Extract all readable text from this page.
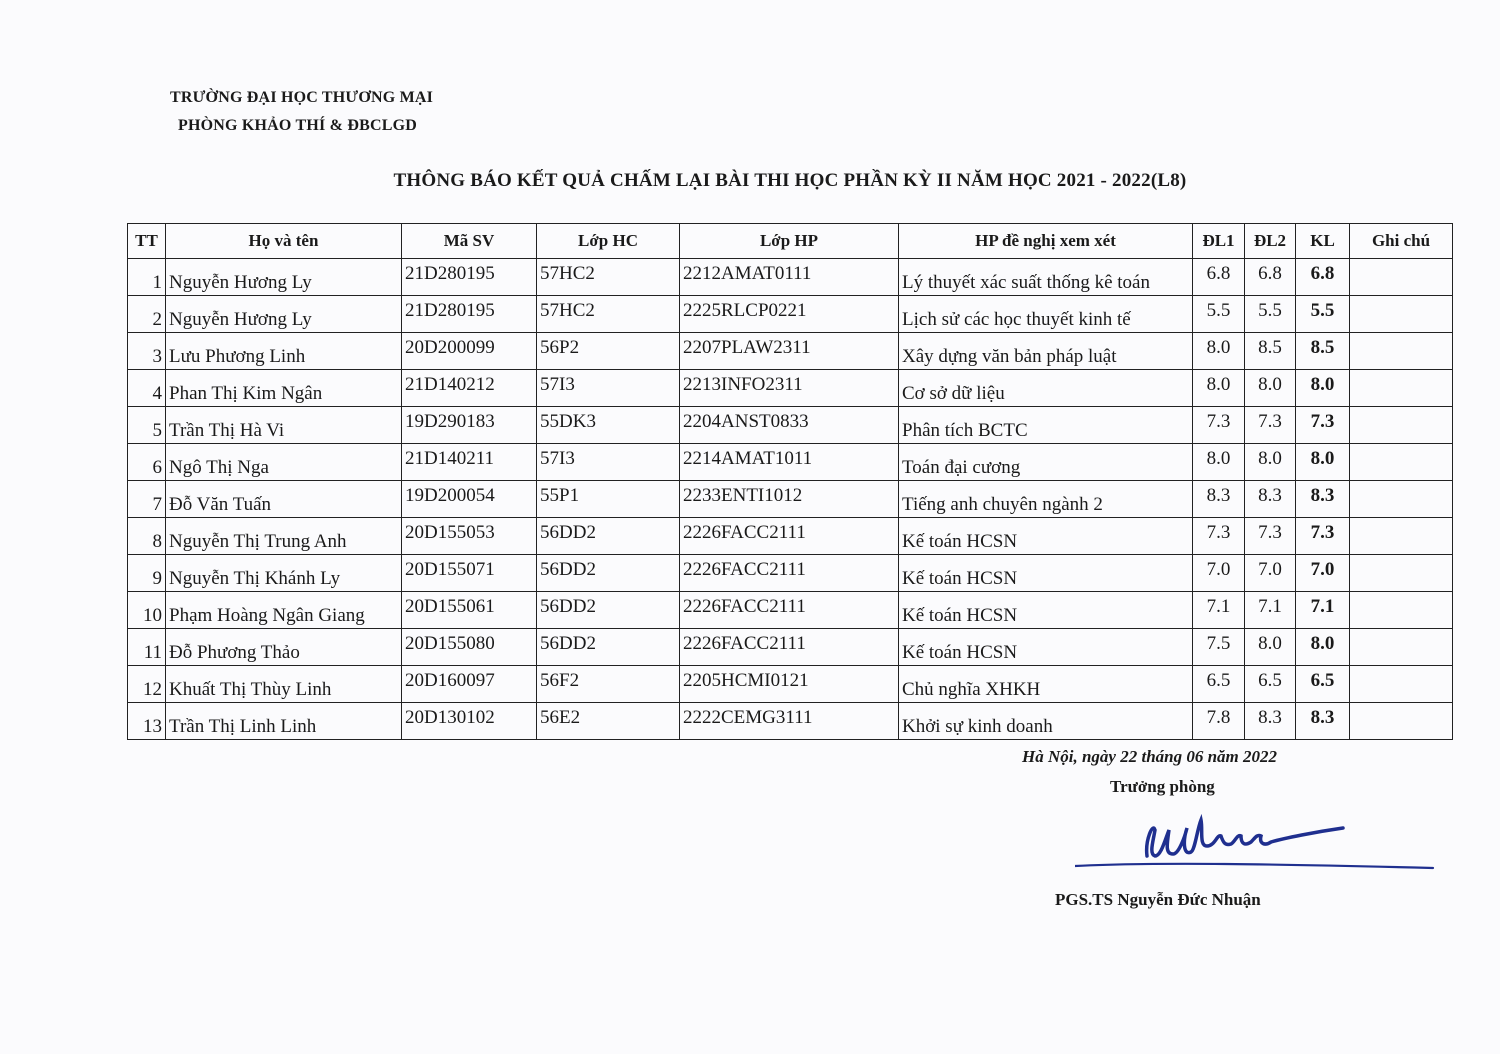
TRƯỜNG ĐẠI HỌC THƯƠNG MẠI
PHÒNG KHẢO THÍ & ĐBCLGD
THÔNG BÁO KẾT QUẢ CHẤM LẠI BÀI THI HỌC PHẦN KỲ II NĂM HỌC 2021 - 2022(L8)
TT	Họ và tên	Mã SV	Lớp HC	Lớp HP	HP đề nghị xem xét	ĐL1	ĐL2	KL	Ghi chú
1	Nguyễn Hương Ly	21D280195	57HC2	2212AMAT0111	Lý thuyết xác suất thống kê toán	6.8	6.8	6.8	
2	Nguyễn Hương Ly	21D280195	57HC2	2225RLCP0221	Lịch sử các học thuyết kinh tế	5.5	5.5	5.5	
3	Lưu Phương Linh	20D200099	56P2	2207PLAW2311	Xây dựng văn bản pháp luật	8.0	8.5	8.5	
4	Phan Thị Kim Ngân	21D140212	57I3	2213INFO2311	Cơ sở dữ liệu	8.0	8.0	8.0	
5	Trần Thị Hà Vi	19D290183	55DK3	2204ANST0833	Phân tích BCTC	7.3	7.3	7.3	
6	Ngô Thị Nga	21D140211	57I3	2214AMAT1011	Toán đại cương	8.0	8.0	8.0	
7	Đỗ Văn Tuấn	19D200054	55P1	2233ENTI1012	Tiếng anh chuyên ngành 2	8.3	8.3	8.3	
8	Nguyễn Thị Trung Anh	20D155053	56DD2	2226FACC2111	Kế toán HCSN	7.3	7.3	7.3	
9	Nguyễn Thị Khánh Ly	20D155071	56DD2	2226FACC2111	Kế toán HCSN	7.0	7.0	7.0	
10	Phạm Hoàng Ngân Giang	20D155061	56DD2	2226FACC2111	Kế toán HCSN	7.1	7.1	7.1	
11	Đỗ Phương Thảo	20D155080	56DD2	2226FACC2111	Kế toán HCSN	7.5	8.0	8.0	
12	Khuất Thị Thùy Linh	20D160097	56F2	2205HCMI0121	Chủ nghĩa XHKH	6.5	6.5	6.5	
13	Trần Thị Linh Linh	20D130102	56E2	2222CEMG3111	Khởi sự kinh doanh	7.8	8.3	8.3	
Hà Nội, ngày 22 tháng 06 năm 2022
Trưởng phòng
PGS.TS Nguyễn Đức Nhuận
